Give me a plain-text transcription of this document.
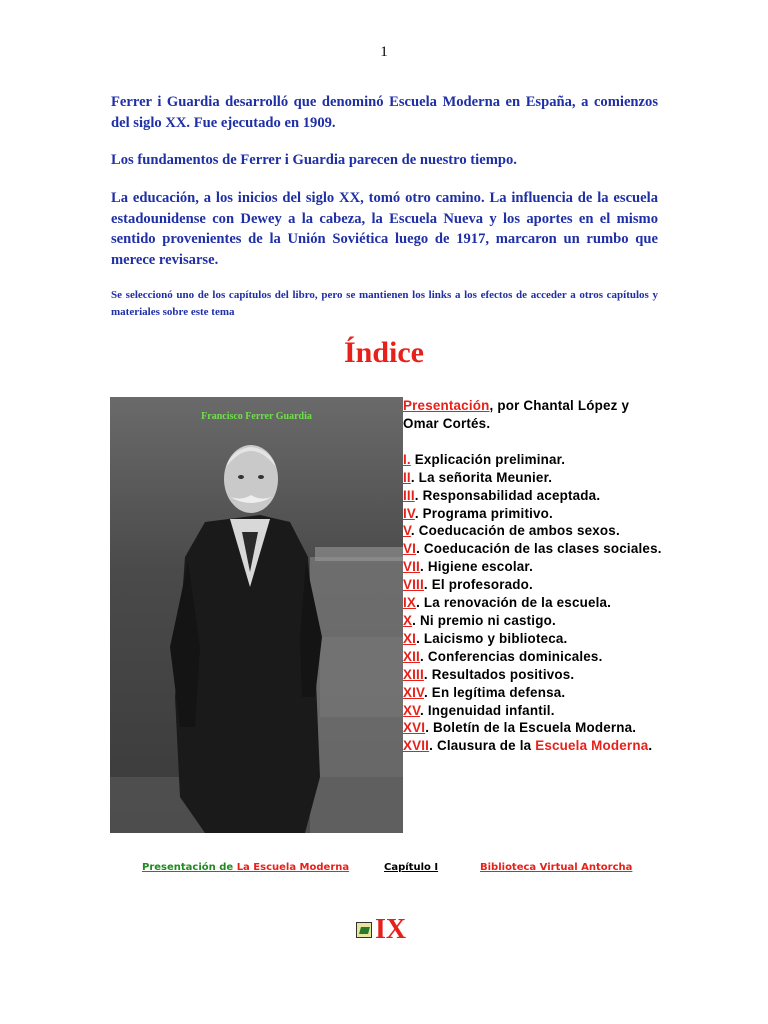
1

Ferrer i Guardia desarrolló que denominó Escuela Moderna en España, a comienzos del siglo XX. Fue ejecutado en 1909.

Los fundamentos de Ferrer i Guardia parecen de nuestro tiempo.

La educación, a los inicios del siglo XX, tomó otro camino. La influencia de la escuela estadounidense con Dewey a la cabeza, la Escuela Nueva y los aportes en el mismo sentido provenientes de la Unión Soviética luego de 1917, marcaron un rumbo que merece revisarse.

Se seleccionó uno de los capítulos del libro, pero se mantienen los links a los efectos de acceder a otros capítulos y materiales sobre este tema

Índice
Francisco Ferrer Guardia
Presentación, por Chantal López y Omar Cortés.
I. Explicación preliminar.
II. La señorita Meunier.
III. Responsabilidad aceptada.
IV. Programa primitivo.
V. Coeducación de ambos sexos.
VI. Coeducación de las clases sociales.
VII. Higiene escolar.
VIII. El profesorado.
IX. La renovación de la escuela.
X. Ni premio ni castigo.
XI. Laicismo y biblioteca.
XII. Conferencias dominicales.
XIII. Resultados positivos.
XIV. En legítima defensa.
XV. Ingenuidad infantil.
XVI. Boletín de la Escuela Moderna.
XVII. Clausura de la Escuela Moderna.
Presentación de La Escuela Moderna	Capítulo I	Biblioteca Virtual Antorcha
IX
